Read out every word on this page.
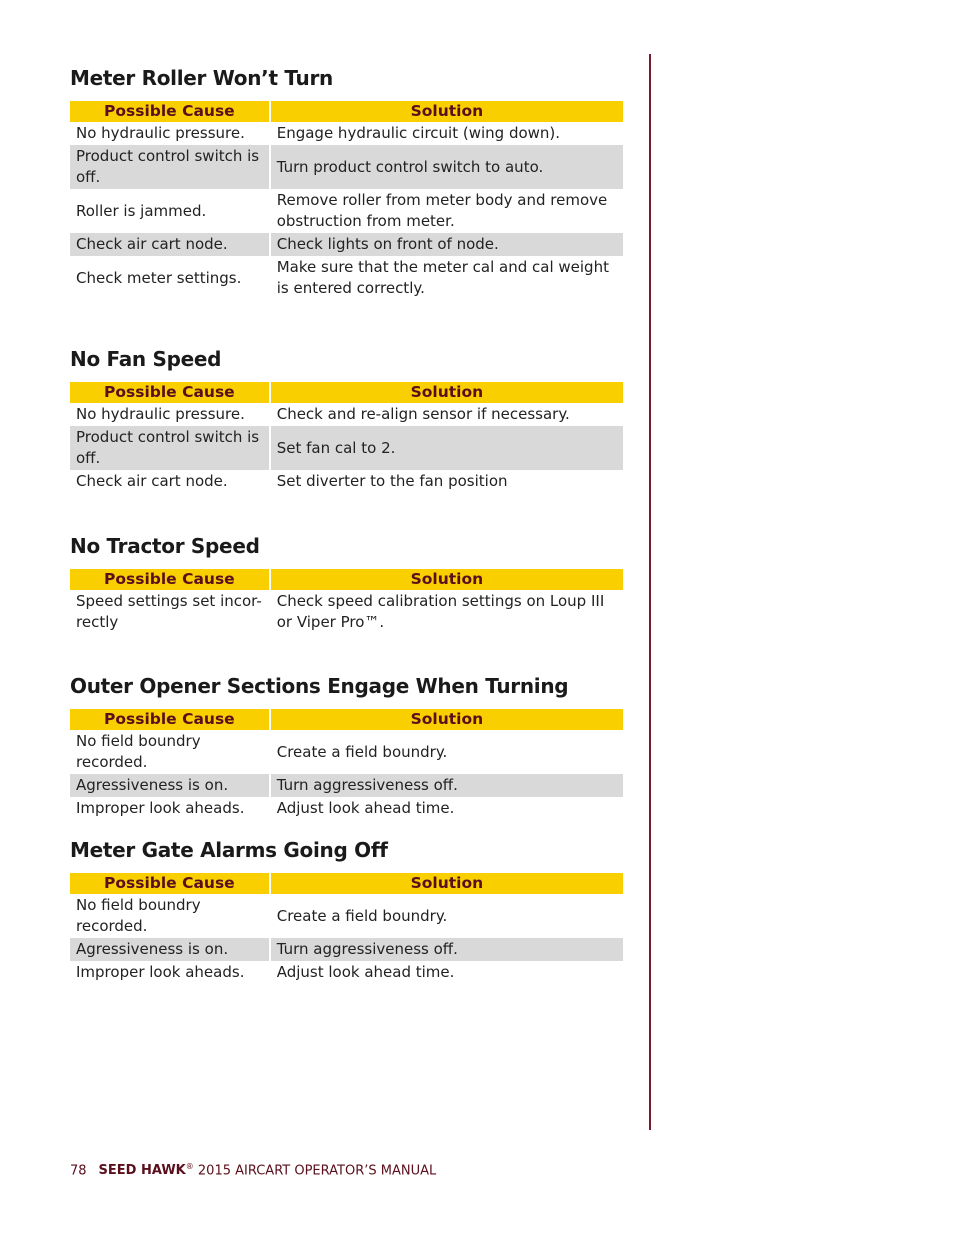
Meter Roller Won’t Turn
Possible Cause	Solution
No hydraulic pressure.	Engage hydraulic circuit (wing down).
Product control switch is off.	Turn product control switch to auto.
Roller is jammed.	Remove roller from meter body and remove obstruction from meter.
Check air cart node.	Check lights on front of node.
Check meter settings.	Make sure that the meter cal and cal weight is entered correctly.
No Fan Speed
Possible Cause	Solution
No hydraulic pressure.	Check and re-align sensor if necessary.
Product control switch is off.	Set fan cal to 2.
Check air cart node.	Set diverter to the fan position
No Tractor Speed
Possible Cause	Solution
Speed settings set incor-rectly	Check speed calibration settings on Loup III or Viper Pro™.
Outer Opener Sections Engage When Turning
Possible Cause	Solution
No field boundry recorded.	Create a field boundry.
Agressiveness is on.	Turn aggressiveness off.
Improper look aheads.	Adjust look ahead time.
Meter Gate Alarms Going Off
Possible Cause	Solution
No field boundry recorded.	Create a field boundry.
Agressiveness is on.	Turn aggressiveness off.
Improper look aheads.	Adjust look ahead time.
78 SEED HAWK® 2015 AIRCART OPERATOR’S MANUAL
